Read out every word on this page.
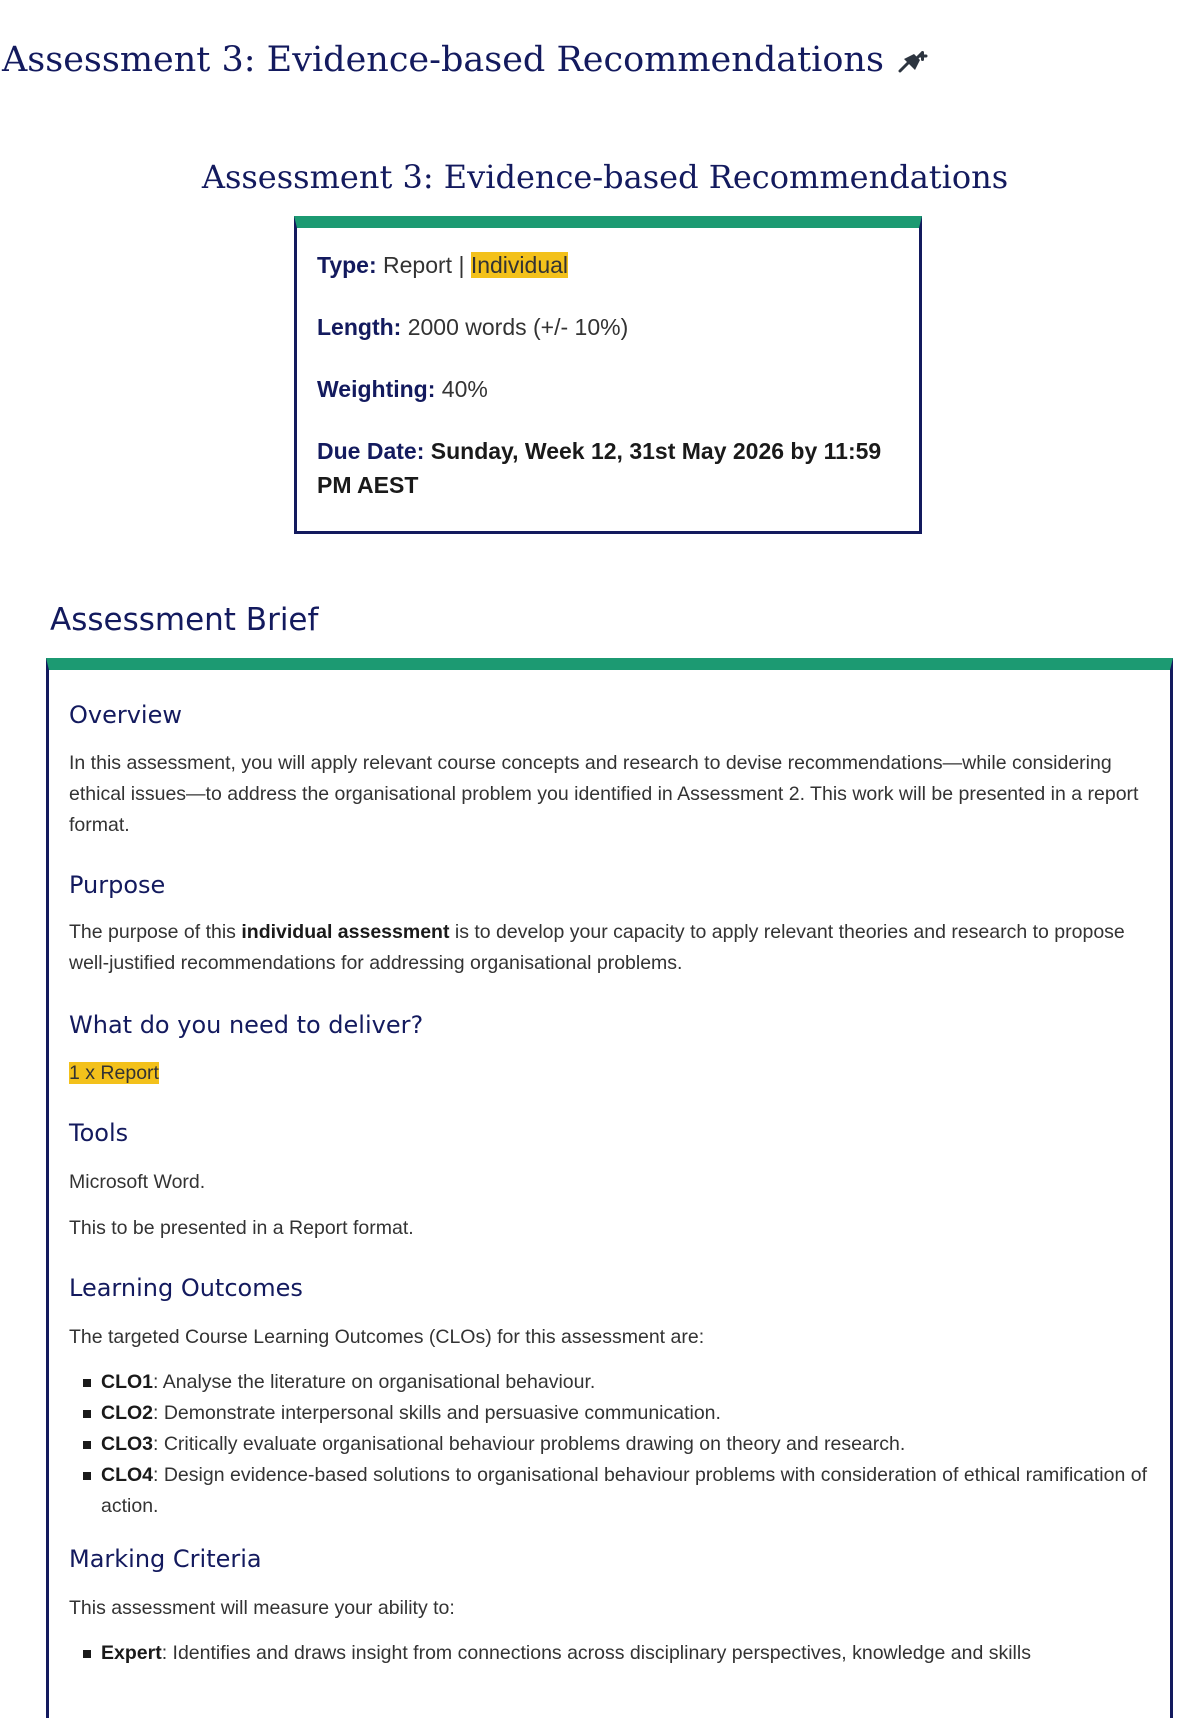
Assessment 3: Evidence-based Recommendations
Assessment 3: Evidence-based Recommendations

Type: Report | Individual

Length: 2000 words (+/- 10%)

Weighting: 40%

Due Date: Sunday, Week 12, 31st May 2026 by 11:59 PM AEST

Assessment Brief
Overview

In this assessment, you will apply relevant course concepts and research to devise recommendations—while considering ethical issues—to address the organisational problem you identified in Assessment 2. This work will be presented in a report format.

Purpose

The purpose of this individual assessment is to develop your capacity to apply relevant theories and research to propose well-justified recommendations for addressing organisational problems.

What do you need to deliver?

1 x Report

Tools

Microsoft Word.

This to be presented in a Report format.

Learning Outcomes

The targeted Course Learning Outcomes (CLOs) for this assessment are:

CLO1: Analyse the literature on organisational behaviour.

CLO2: Demonstrate interpersonal skills and persuasive communication.

CLO3: Critically evaluate organisational behaviour problems drawing on theory and research.

CLO4: Design evidence-based solutions to organisational behaviour problems with consideration of ethical ramification of action.

Marking Criteria

This assessment will measure your ability to:

Expert: Identifies and draws insight from connections across disciplinary perspectives, knowledge and skills
